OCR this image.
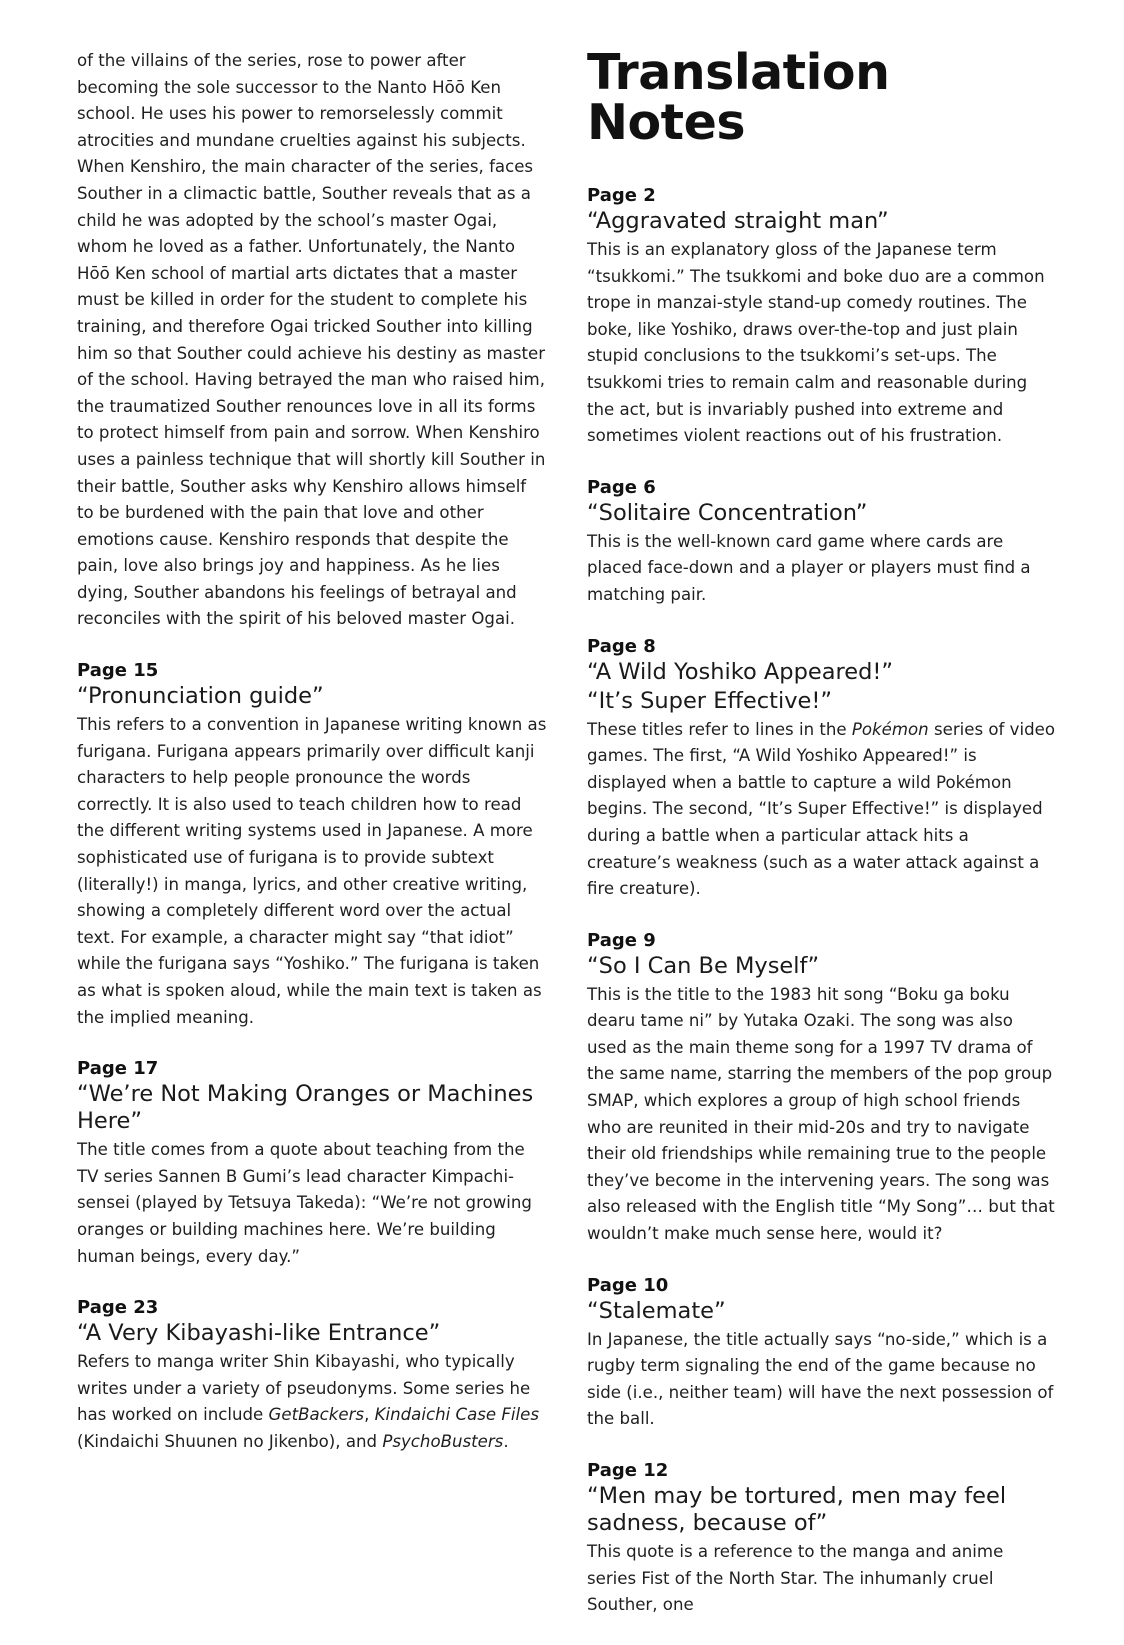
of the villains of the series, rose to power after becoming the sole successor to the Nanto Hōō Ken school. He uses his power to remorselessly commit atrocities and mundane cruelties against his subjects. When Kenshiro, the main character of the series, faces Souther in a climactic battle, Souther reveals that as a child he was adopted by the school’s master Ogai, whom he loved as a father. Unfortunately, the Nanto Hōō Ken school of martial arts dictates that a master must be killed in order for the student to complete his training, and therefore Ogai tricked Souther into killing him so that Souther could achieve his destiny as master of the school. Having betrayed the man who raised him, the traumatized Souther renounces love in all its forms to protect himself from pain and sorrow. When Kenshiro uses a painless technique that will shortly kill Souther in their battle, Souther asks why Kenshiro allows himself to be burdened with the pain that love and other emotions cause. Kenshiro responds that despite the pain, love also brings joy and happiness. As he lies dying, Souther abandons his feelings of betrayal and reconciles with the spirit of his beloved master Ogai.

Page 15

“Pronunciation guide”

This refers to a convention in Japanese writing known as furigana. Furigana appears primarily over difficult kanji characters to help people pronounce the words correctly. It is also used to teach children how to read the different writing systems used in Japanese. A more sophisticated use of furigana is to provide subtext (literally!) in manga, lyrics, and other creative writing, showing a completely different word over the actual text. For example, a character might say “that idiot” while the furigana says “Yoshiko.” The furigana is taken as what is spoken aloud, while the main text is taken as the implied meaning.

Page 17

“We’re Not Making Oranges or Machines Here”

The title comes from a quote about teaching from the TV series Sannen B Gumi’s lead character Kimpachi-sensei (played by Tetsuya Takeda): “We’re not growing oranges or building machines here. We’re building human beings, every day.”

Page 23

“A Very Kibayashi-like Entrance”

Refers to manga writer Shin Kibayashi, who typically writes under a variety of pseudonyms. Some series he has worked on include GetBackers, Kindaichi Case Files (Kindaichi Shuunen no Jikenbo), and PsychoBusters.

Translation Notes

Page 2

“Aggravated straight man”

This is an explanatory gloss of the Japanese term “tsukkomi.” The tsukkomi and boke duo are a common trope in manzai-style stand-up comedy routines. The boke, like Yoshiko, draws over-the-top and just plain stupid conclusions to the tsukkomi’s set-ups. The tsukkomi tries to remain calm and reasonable during the act, but is invariably pushed into extreme and sometimes violent reactions out of his frustration.

Page 6

“Solitaire Concentration”

This is the well-known card game where cards are placed face-down and a player or players must find a matching pair.

Page 8

“A Wild Yoshiko Appeared!”

“It’s Super Effective!”

These titles refer to lines in the Pokémon series of video games. The first, “A Wild Yoshiko Appeared!” is displayed when a battle to capture a wild Pokémon begins. The second, “It’s Super Effective!” is displayed during a battle when a particular attack hits a creature’s weakness (such as a water attack against a fire creature).

Page 9

“So I Can Be Myself”

This is the title to the 1983 hit song “Boku ga boku dearu tame ni” by Yutaka Ozaki. The song was also used as the main theme song for a 1997 TV drama of the same name, starring the members of the pop group SMAP, which explores a group of high school friends who are reunited in their mid-20s and try to navigate their old friendships while remaining true to the people they’ve become in the intervening years. The song was also released with the English title “My Song”… but that wouldn’t make much sense here, would it?

Page 10

“Stalemate”

In Japanese, the title actually says “no-side,” which is a rugby term signaling the end of the game because no side (i.e., neither team) will have the next possession of the ball.

Page 12

“Men may be tortured, men may feel sadness, because of”

This quote is a reference to the manga and anime series Fist of the North Star. The inhumanly cruel Souther, one
